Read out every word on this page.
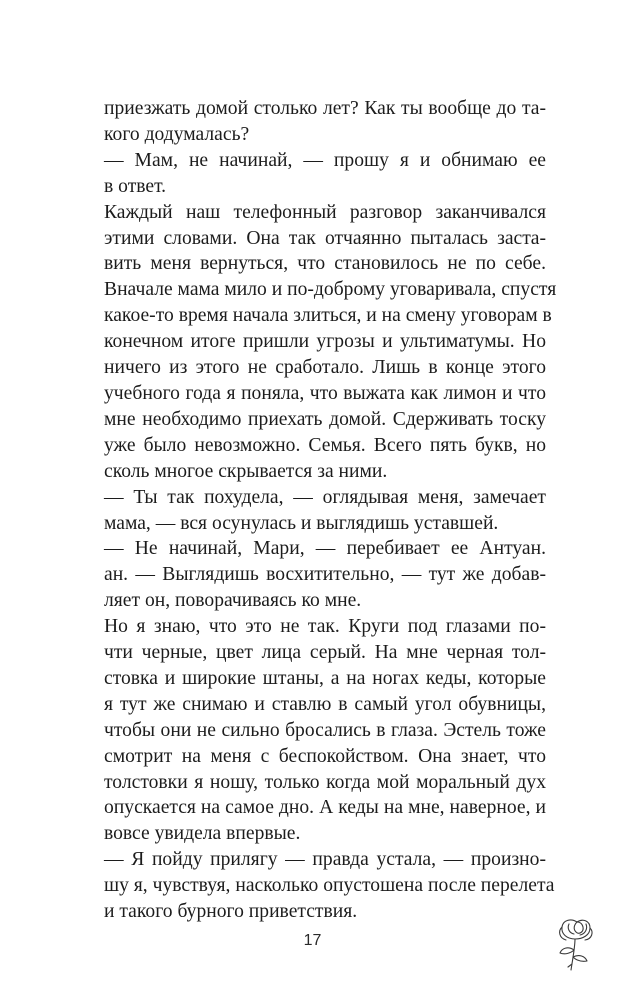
приезжать домой столько лет? Как ты вообще до та-
кого додумалась?
— Мам, не начинай, — прошу я и обнимаю ее
в ответ.
Каждый наш телефонный разговор заканчивался
этими словами. Она так отчаянно пыталась застa-
вить меня вернуться, что становилось не по себе.
Вначале мама мило и по-доброму уговаривала, спустя
какое-то время начала злиться, и на смену уговорам в
конечном итоге пришли угрозы и ультиматумы. Но
ничего из этого не сработало. Лишь в конце этого
учебного года я поняла, что выжата как лимон и что
мне необходимо приехать домой. Сдерживать тоску
уже было невозможно. Семья. Всего пять букв, но
сколь многое скрывается за ними.
— Ты так похудела, — оглядывая меня, замечает
мама, — вся осунулась и выглядишь уставшей.
— Не начинай, Мари, — перебивает ее Антуан.
ан. — Выглядишь восхитительно, — тут же добав-
ляет он, поворачиваясь ко мне.
Но я знаю, что это не так. Круги под глазами по-
чти черные, цвет лица серый. На мне черная тол-
стовка и широкие штаны, а на ногах кеды, которые
я тут же снимаю и ставлю в самый угол обувницы,
чтобы они не сильно бросались в глаза. Эстель тоже
смотрит на меня с беспокойством. Она знает, что
толстовки я ношу, только когда мой моральный дух
опускается на самое дно. А кеды на мне, наверное, и
вовсе увидела впервые.
— Я пойду прилягу — правда устала, — произно-
шу я, чувствуя, насколько опустошена после перелета
и такого бурного приветствия.
17
